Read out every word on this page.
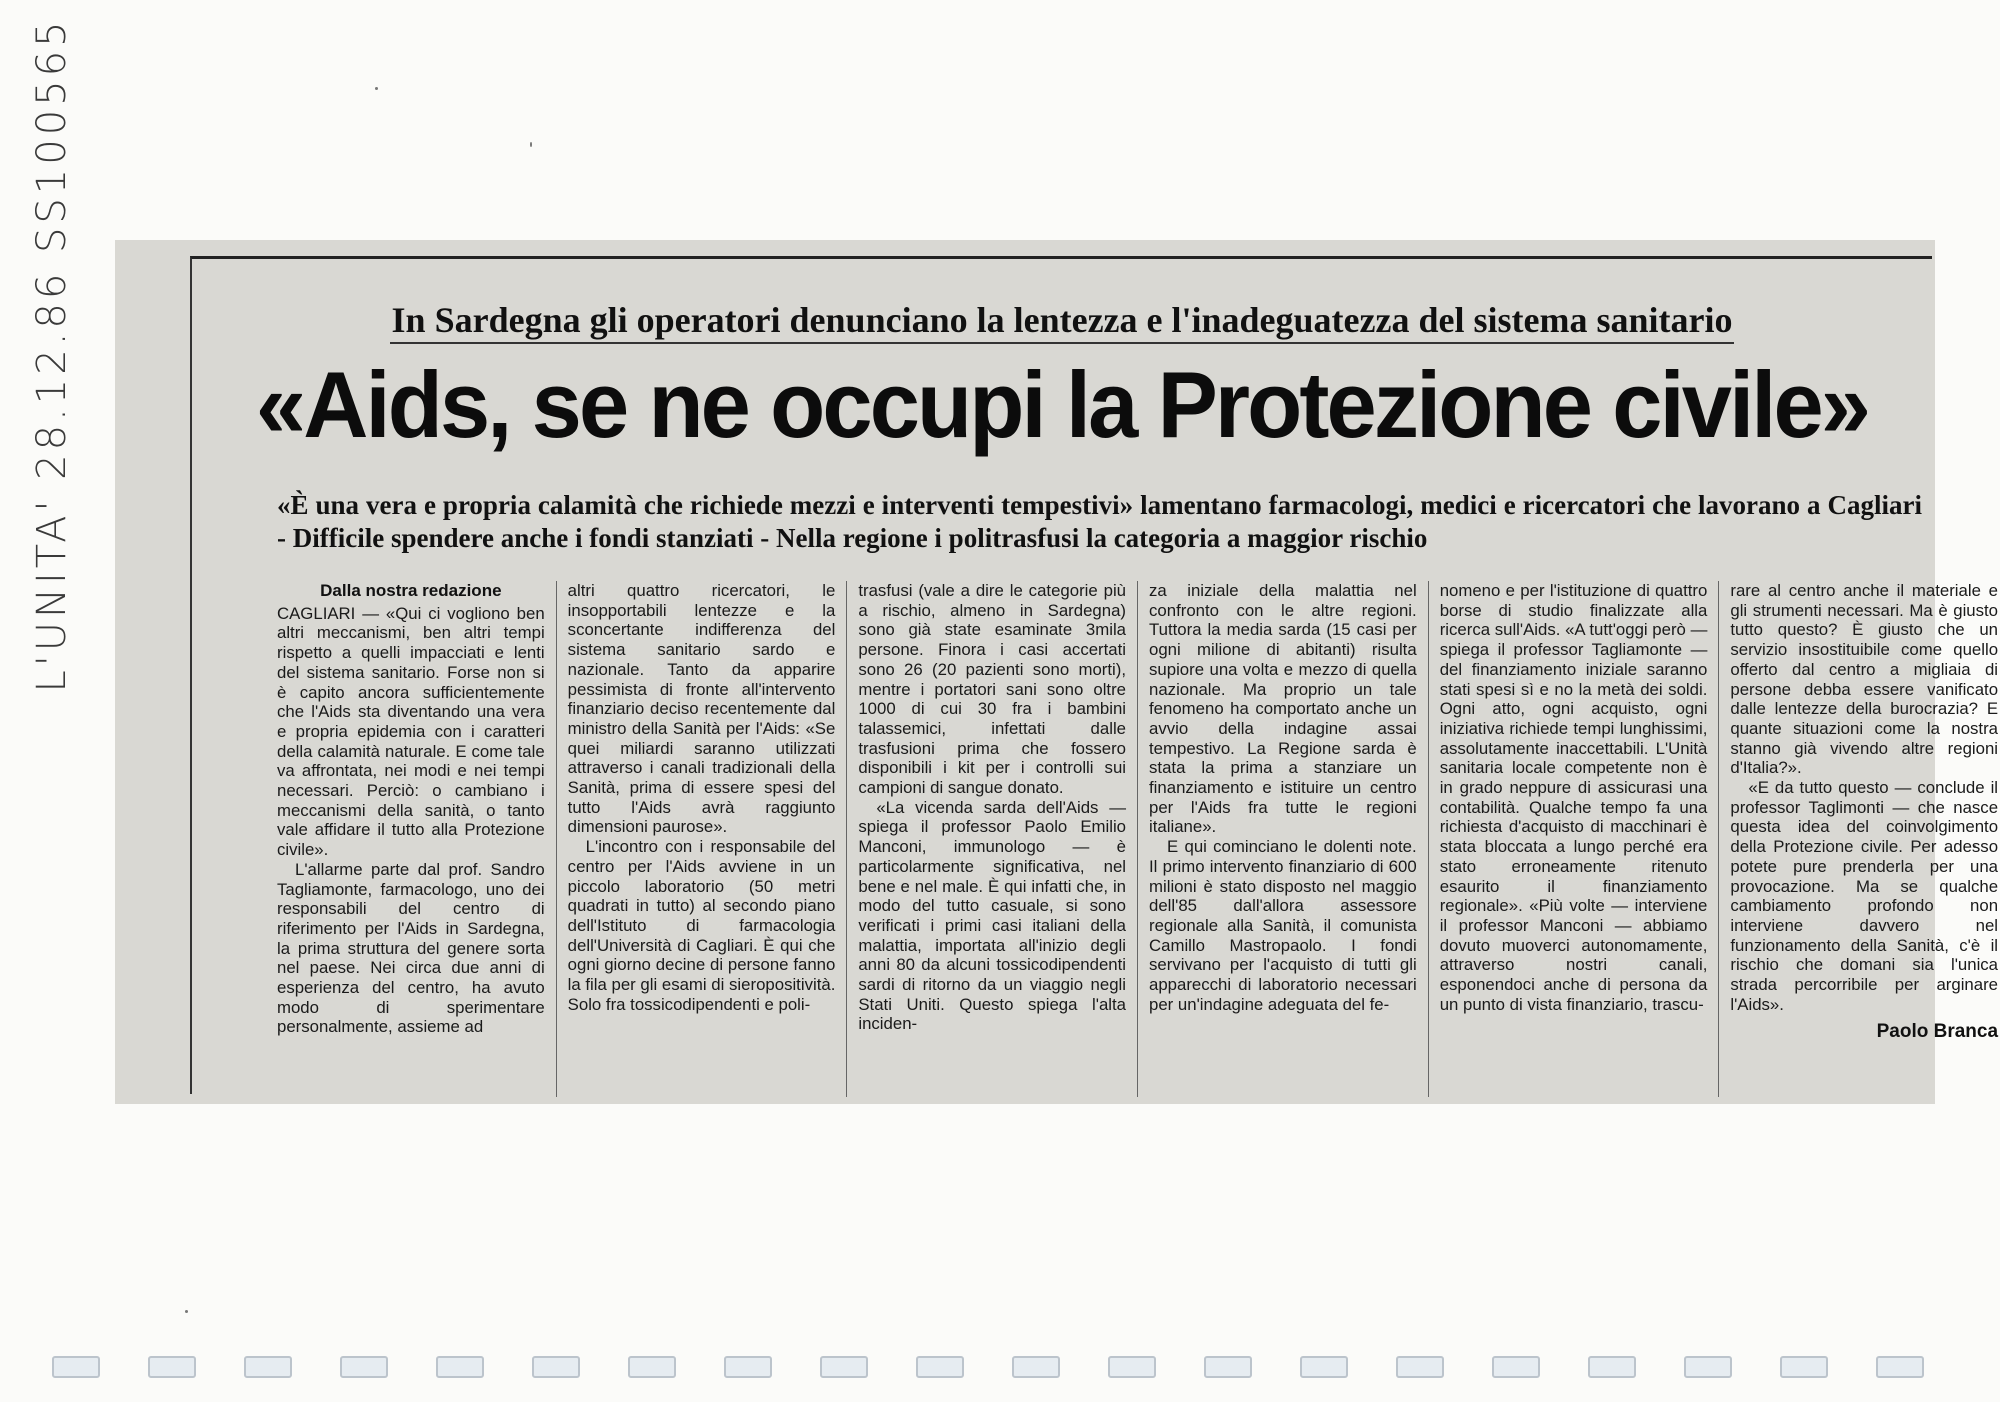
L'UNITA' 28.12.86 SS100565	In Sardegna gli operatori denunciano la lentezza e l'inadeguatezza del sistema sanitario
«Aids, se ne occupi la Protezione civile»
«È una vera e propria calamità che richiede mezzi e interventi tempestivi» lamentano farmacologi, medici e ricercatori che lavorano a Cagliari - Difficile spendere anche i fondi stanziati - Nella regione i politrasfusi la categoria a maggior rischio
Dalla nostra redazione

CAGLIARI — «Qui ci vogliono ben altri meccanismi, ben altri tempi rispetto a quelli impacciati e lenti del sistema sanitario. Forse non si è capito ancora sufficientemente che l'Aids sta diventando una vera e propria epidemia con i caratteri della calamità naturale. E come tale va affrontata, nei modi e nei tempi necessari. Perciò: o cambiano i meccanismi della sanità, o tanto vale affidare il tutto alla Protezione civile».

L'allarme parte dal prof. Sandro Tagliamonte, farmacologo, uno dei responsabili del centro di riferimento per l'Aids in Sardegna, la prima struttura del genere sorta nel paese. Nei circa due anni di esperienza del centro, ha avuto modo di sperimentare personalmente, assieme ad

altri quattro ricercatori, le insopportabili lentezze e la sconcertante indifferenza del sistema sanitario sardo e nazionale. Tanto da apparire pessimista di fronte all'intervento finanziario deciso recentemente dal ministro della Sanità per l'Aids: «Se quei miliardi saranno utilizzati attraverso i canali tradizionali della Sanità, prima di essere spesi del tutto l'Aids avrà raggiunto dimensioni paurose».

L'incontro con i responsabile del centro per l'Aids avviene in un piccolo laboratorio (50 metri quadrati in tutto) al secondo piano dell'Istituto di farmacologia dell'Università di Cagliari. È qui che ogni giorno decine di persone fanno la fila per gli esami di sieropositività. Solo fra tossicodipendenti e poli-

trasfusi (vale a dire le categorie più a rischio, almeno in Sardegna) sono già state esaminate 3mila persone. Finora i casi accertati sono 26 (20 pazienti sono morti), mentre i portatori sani sono oltre 1000 di cui 30 fra i bambini talassemici, infettati dalle trasfusioni prima che fossero disponibili i kit per i controlli sui campioni di sangue donato.

«La vicenda sarda dell'Aids — spiega il professor Paolo Emilio Manconi, immunologo — è particolarmente significativa, nel bene e nel male. È qui infatti che, in modo del tutto casuale, si sono verificati i primi casi italiani della malattia, importata all'inizio degli anni 80 da alcuni tossicodipendenti sardi di ritorno da un viaggio negli Stati Uniti. Questo spiega l'alta inciden-

za iniziale della malattia nel confronto con le altre regioni. Tuttora la media sarda (15 casi per ogni milione di abitanti) risulta supiore una volta e mezzo di quella nazionale. Ma proprio un tale fenomeno ha comportato anche un avvio della indagine assai tempestivo. La Regione sarda è stata la prima a stanziare un finanziamento e istituire un centro per l'Aids fra tutte le regioni italiane».

E qui cominciano le dolenti note. Il primo intervento finanziario di 600 milioni è stato disposto nel maggio dell'85 dall'allora assessore regionale alla Sanità, il comunista Camillo Mastropaolo. I fondi servivano per l'acquisto di tutti gli apparecchi di laboratorio necessari per un'indagine adeguata del fe-

nomeno e per l'istituzione di quattro borse di studio finalizzate alla ricerca sull'Aids. «A tutt'oggi però — spiega il professor Tagliamonte — del finanziamento iniziale saranno stati spesi sì e no la metà dei soldi. Ogni atto, ogni acquisto, ogni iniziativa richiede tempi lunghissimi, assolutamente inaccettabili. L'Unità sanitaria locale competente non è in grado neppure di assicurasi una contabilità. Qualche tempo fa una richiesta d'acquisto di macchinari è stata bloccata a lungo perché era stato erroneamente ritenuto esaurito il finanziamento regionale». «Più volte — interviene il professor Manconi — abbiamo dovuto muoverci autonomamente, attraverso nostri canali, esponendoci anche di persona da un punto di vista finanziario, trascu-

rare al centro anche il materiale e gli strumenti necessari. Ma è giusto tutto questo? È giusto che un servizio insostituibile come quello offerto dal centro a migliaia di persone debba essere vanificato dalle lentezze della burocrazia? E quante situazioni come la nostra stanno già vivendo altre regioni d'Italia?».

«E da tutto questo — conclude il professor Taglimonti — che nasce questa idea del coinvolgimento della Protezione civile. Per adesso potete pure prenderla per una provocazione. Ma se qualche cambiamento profondo non interviene davvero nel funzionamento della Sanità, c'è il rischio che domani sia l'unica strada percorribile per arginare l'Aids».

Paolo Branca
